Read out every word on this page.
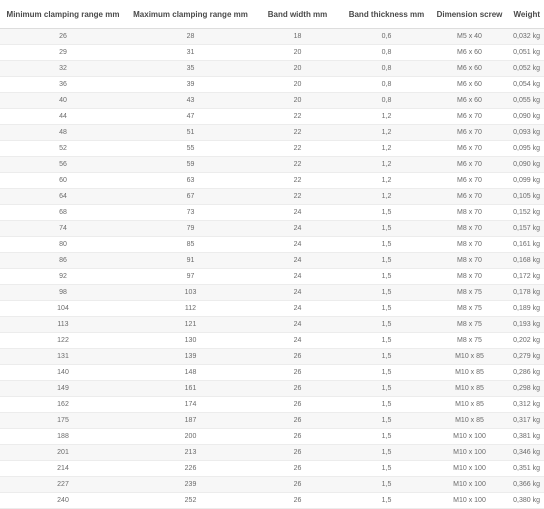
Minimum clamping range mm	Maximum clamping range mm	Band width mm	Band thickness mm	Dimension screw	Weight
26	28	18	0,6	M5 x 40	0,032 kg
29	31	20	0,8	M6 x 60	0,051 kg
32	35	20	0,8	M6 x 60	0,052 kg
36	39	20	0,8	M6 x 60	0,054 kg
40	43	20	0,8	M6 x 60	0,055 kg
44	47	22	1,2	M6 x 70	0,090 kg
48	51	22	1,2	M6 x 70	0,093 kg
52	55	22	1,2	M6 x 70	0,095 kg
56	59	22	1,2	M6 x 70	0,090 kg
60	63	22	1,2	M6 x 70	0,099 kg
64	67	22	1,2	M6 x 70	0,105 kg
68	73	24	1,5	M8 x 70	0,152 kg
74	79	24	1,5	M8 x 70	0,157 kg
80	85	24	1,5	M8 x 70	0,161 kg
86	91	24	1,5	M8 x 70	0,168 kg
92	97	24	1,5	M8 x 70	0,172 kg
98	103	24	1,5	M8 x 75	0,178 kg
104	112	24	1,5	M8 x 75	0,189 kg
113	121	24	1,5	M8 x 75	0,193 kg
122	130	24	1,5	M8 x 75	0,202 kg
131	139	26	1,5	M10 x 85	0,279 kg
140	148	26	1,5	M10 x 85	0,286 kg
149	161	26	1,5	M10 x 85	0,298 kg
162	174	26	1,5	M10 x 85	0,312 kg
175	187	26	1,5	M10 x 85	0,317 kg
188	200	26	1,5	M10 x 100	0,381 kg
201	213	26	1,5	M10 x 100	0,346 kg
214	226	26	1,5	M10 x 100	0,351 kg
227	239	26	1,5	M10 x 100	0,366 kg
240	252	26	1,5	M10 x 100	0,380 kg
